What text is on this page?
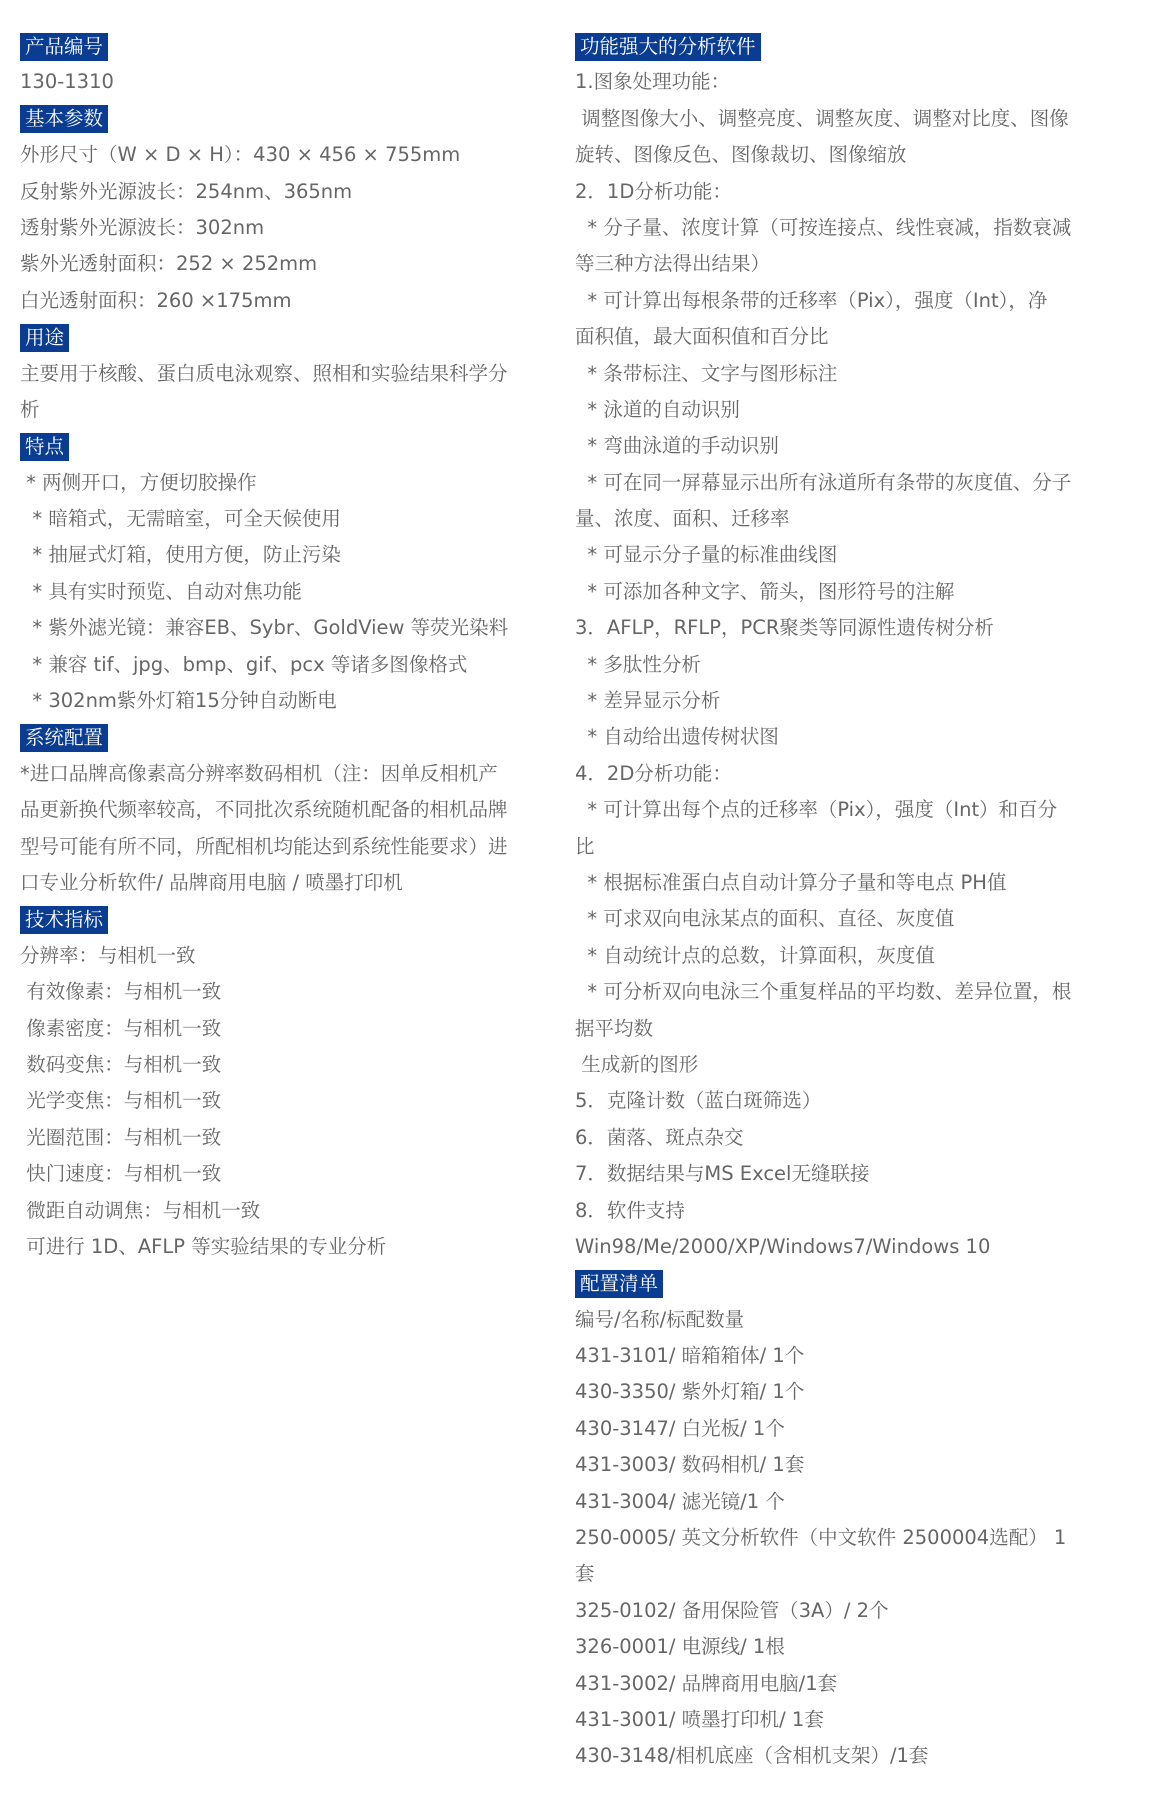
产品编号
130-1310
基本参数
外形尺寸（W × D × H）：430 × 456 × 755mm
反射紫外光源波长：254nm、365nm
透射紫外光源波长：302nm
紫外光透射面积：252 × 252mm
白光透射面积：260 ×175mm
用途
主要用于核酸、蛋白质电泳观察、照相和实验结果科学分
析
特点
* 两侧开口，方便切胶操作
* 暗箱式，无需暗室，可全天候使用
* 抽屉式灯箱，使用方便，防止污染
* 具有实时预览、自动对焦功能
* 紫外滤光镜：兼容EB、Sybr、GoldView 等荧光染料
* 兼容 tif、jpg、bmp、gif、pcx 等诸多图像格式
* 302nm紫外灯箱15分钟自动断电
系统配置
*进口品牌高像素高分辨率数码相机（注：因单反相机产
品更新换代频率较高，不同批次系统随机配备的相机品牌
型号可能有所不同，所配相机均能达到系统性能要求）进
口专业分析软件/ 品牌商用电脑 / 喷墨打印机
技术指标
分辨率：与相机一致
有效像素：与相机一致
像素密度：与相机一致
数码变焦：与相机一致
光学变焦：与相机一致
光圈范围：与相机一致
快门速度：与相机一致
微距自动调焦：与相机一致
可进行 1D、AFLP 等实验结果的专业分析
功能强大的分析软件
1.图象处理功能：
调整图像大小、调整亮度、调整灰度、调整对比度、图像
旋转、图像反色、图像裁切、图像缩放
2．1D分析功能：
* 分子量、浓度计算（可按连接点、线性衰减，指数衰减
等三种方法得出结果）
* 可计算出每根条带的迁移率（Pix），强度（Int），净
面积值，最大面积值和百分比
* 条带标注、文字与图形标注
* 泳道的自动识别
* 弯曲泳道的手动识别
* 可在同一屏幕显示出所有泳道所有条带的灰度值、分子
量、浓度、面积、迁移率
* 可显示分子量的标准曲线图
* 可添加各种文字、箭头，图形符号的注解
3．AFLP，RFLP，PCR聚类等同源性遗传树分析
* 多肽性分析
* 差异显示分析
* 自动给出遗传树状图
4．2D分析功能：
* 可计算出每个点的迁移率（Pix），强度（Int）和百分
比
* 根据标准蛋白点自动计算分子量和等电点 PH值
* 可求双向电泳某点的面积、直径、灰度值
* 自动统计点的总数，计算面积，灰度值
* 可分析双向电泳三个重复样品的平均数、差异位置，根
据平均数
生成新的图形
5．克隆计数（蓝白斑筛选）
6．菌落、斑点杂交
7．数据结果与MS Excel无缝联接
8．软件支持
Win98/Me/2000/XP/Windows7/Windows 10
配置清单
编号/名称/标配数量
431-3101/ 暗箱箱体/ 1个
430-3350/ 紫外灯箱/ 1个
430-3147/ 白光板/ 1个
431-3003/ 数码相机/ 1套
431-3004/ 滤光镜/1 个
250-0005/ 英文分析软件（中文软件 2500004选配） 1
套
325-0102/ 备用保险管（3A）/ 2个
326-0001/ 电源线/ 1根
431-3002/ 品牌商用电脑/1套
431-3001/ 喷墨打印机/ 1套
430-3148/相机底座（含相机支架）/1套
